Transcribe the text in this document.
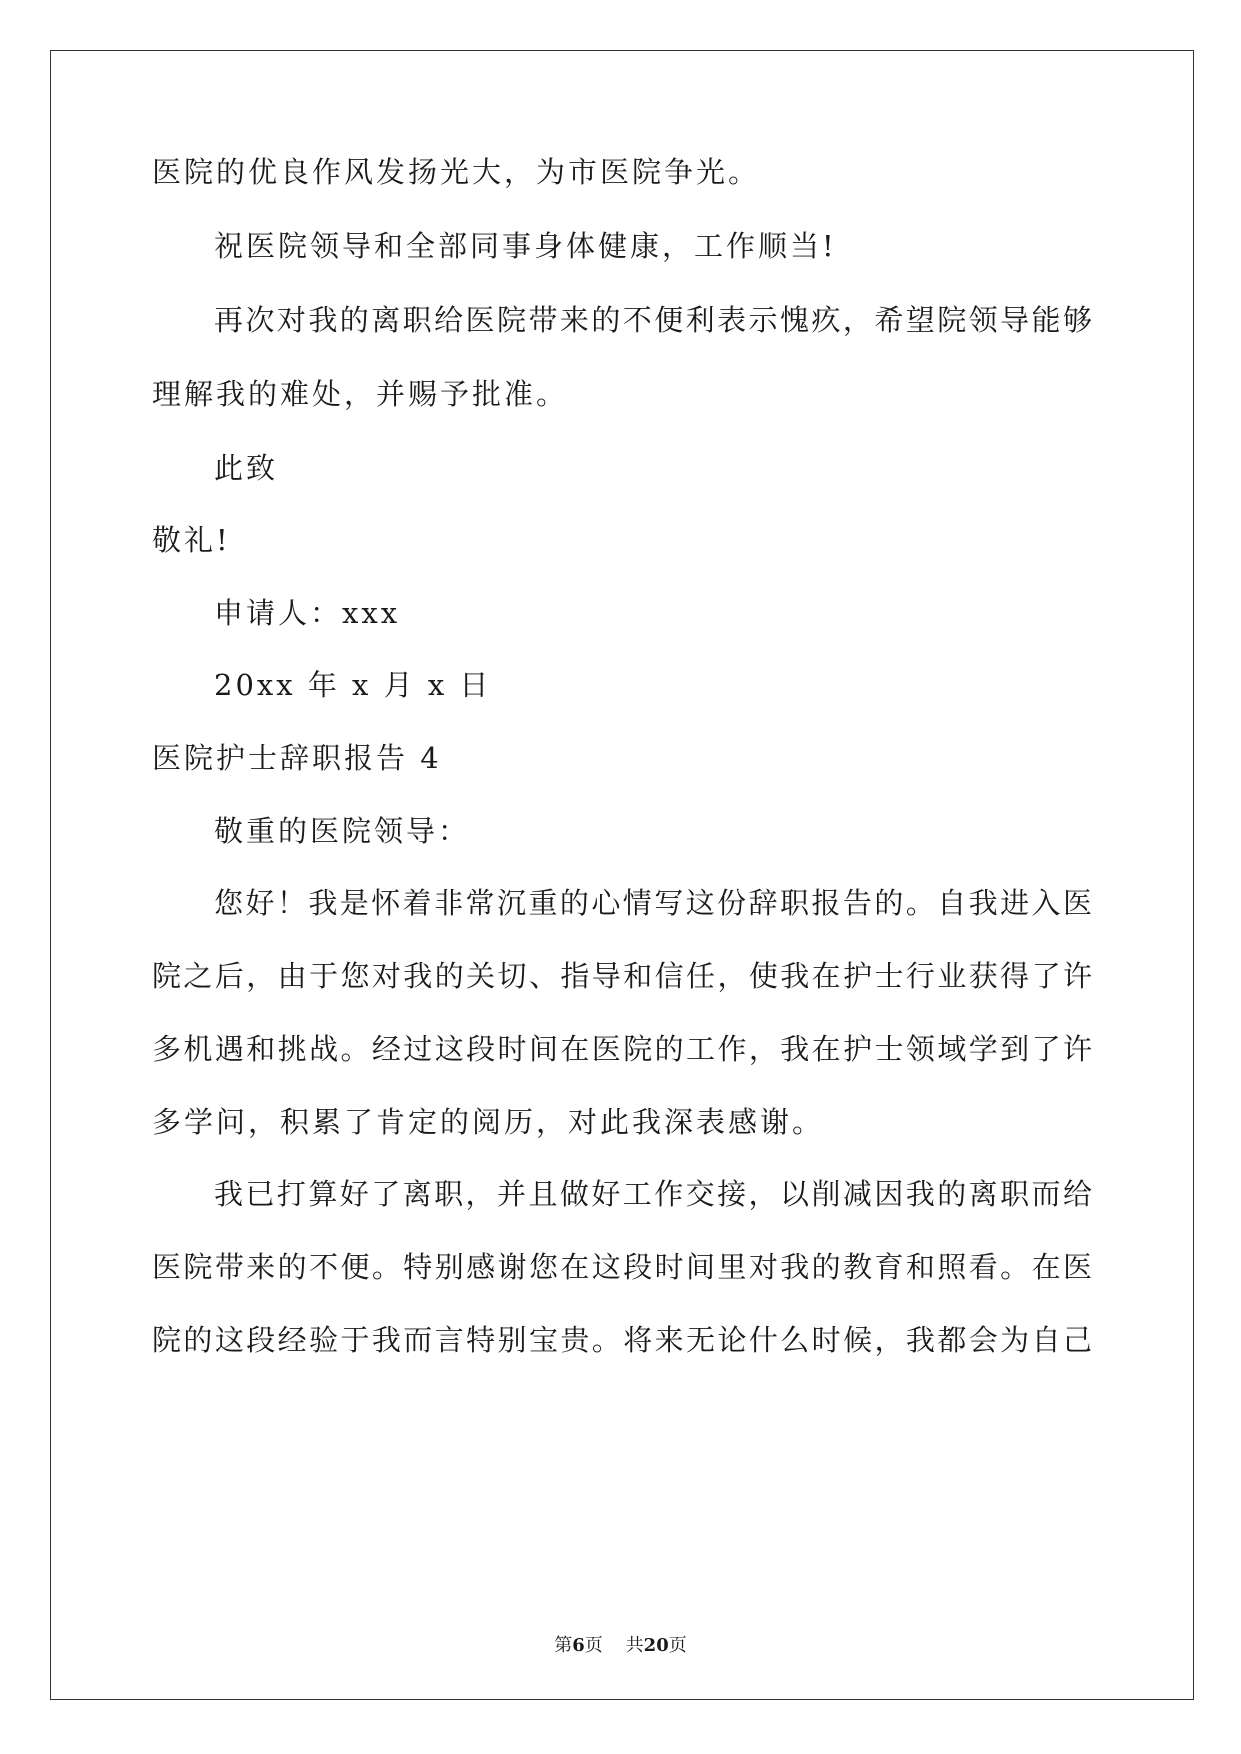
医院的优良作风发扬光大，为市医院争光。
祝医院领导和全部同事身体健康，工作顺当!
再次对我的离职给医院带来的不便利表示愧疚，希望院领导能够
理解我的难处，并赐予批准。
此致
敬礼!
申请人：xxx
20xx 年 x 月 x 日
医院护士辞职报告 4
敬重的医院领导：
您好！我是怀着非常沉重的心情写这份辞职报告的。自我进入医
院之后，由于您对我的关切、指导和信任，使我在护士行业获得了许
多机遇和挑战。经过这段时间在医院的工作，我在护士领域学到了许
多学问，积累了肯定的阅历，对此我深表感谢。
我已打算好了离职，并且做好工作交接，以削减因我的离职而给
医院带来的不便。特别感谢您在这段时间里对我的教育和照看。在医
院的这段经验于我而言特别宝贵。将来无论什么时候，我都会为自己
第6页 共20页
